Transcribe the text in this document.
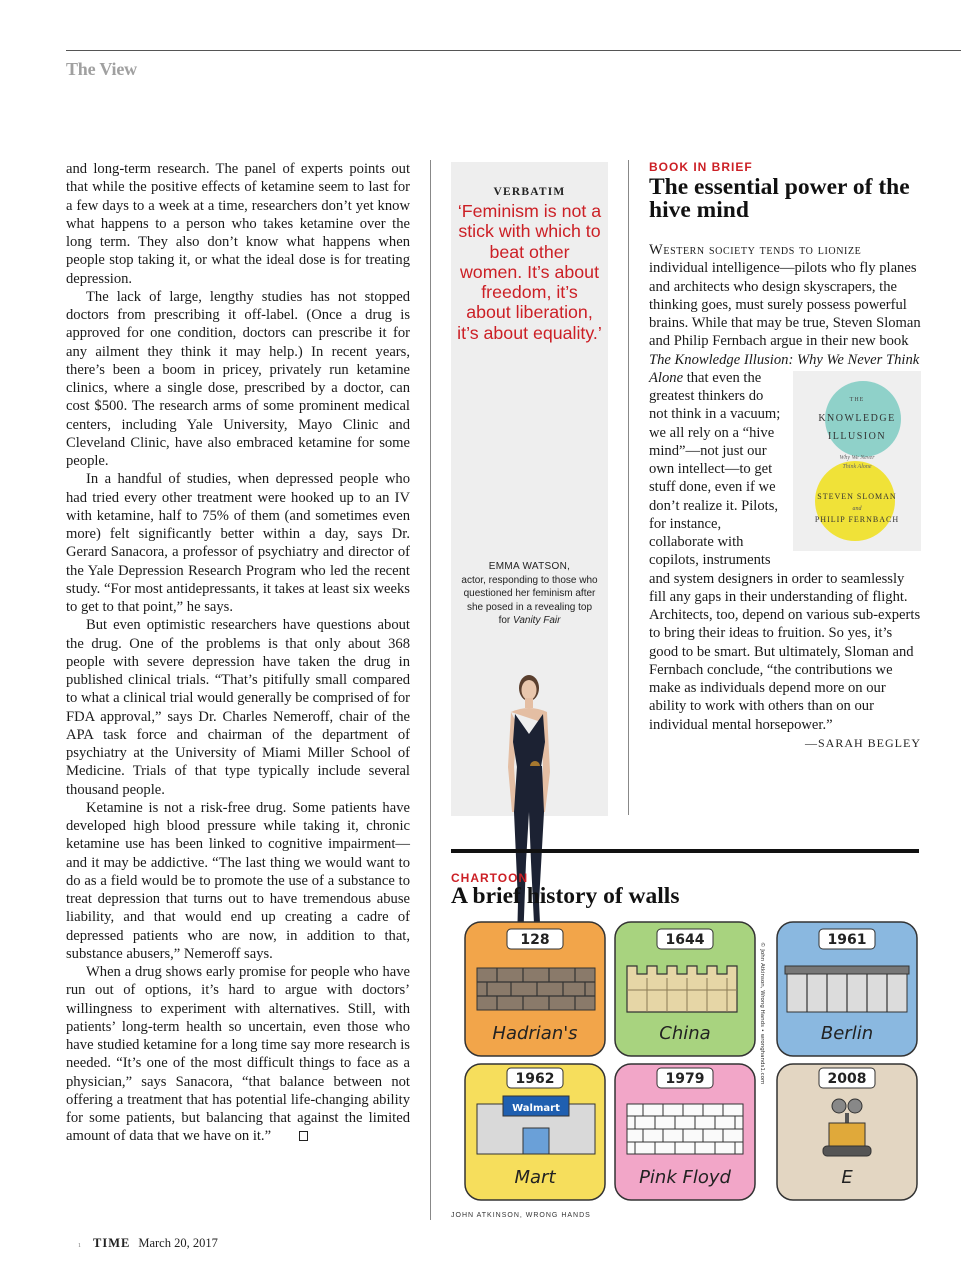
The View

and long-term research. The panel of experts points out that while the positive effects of ketamine seem to last for a few days to a week at a time, researchers don’t yet know what happens to a person who takes ketamine over the long term. They also don’t know what happens when people stop taking it, or what the ideal dose is for treating depression.

The lack of large, lengthy studies has not stopped doctors from prescribing it off-label. (Once a drug is approved for one condition, doctors can prescribe it for any ailment they think it may help.) In recent years, there’s been a boom in pricey, privately run ketamine clinics, where a single dose, prescribed by a doctor, can cost $500. The research arms of some prominent medical centers, including Yale University, Mayo Clinic and Cleveland Clinic, have also embraced ketamine for some people.

In a handful of studies, when depressed people who had tried every other treatment were hooked up to an IV with ketamine, half to 75% of them (and sometimes even more) felt significantly better within a day, says Dr. Gerard Sanacora, a professor of psychiatry and director of the Yale Depression Research Program who led the recent study. “For most antidepressants, it takes at least six weeks to get to that point,” he says.

But even optimistic researchers have questions about the drug. One of the problems is that only about 368 people with severe depression have taken the drug in published clinical trials. “That’s pitifully small compared to what a clinical trial would generally be comprised of for FDA approval,” says Dr. Charles Nemeroff, chair of the APA task force and chairman of the department of psychiatry at the University of Miami Miller School of Medicine. Trials of that type typically include several thousand people.

Ketamine is not a risk-free drug. Some patients have developed high blood pressure while taking it, chronic ketamine use has been linked to cognitive impairment—and it may be addictive. “The last thing we would want to do as a field would be to promote the use of a substance to treat depression that turns out to have tremendous abuse liability, and that would end up creating a cadre of depressed patients who are now, in addition to that, substance abusers,” Nemeroff says.

When a drug shows early promise for people who have run out of options, it’s hard to argue with doctors’ willingness to experiment with alternatives. Still, with patients’ long-term health so uncertain, even those who have studied ketamine for a long time say more research is needed. “It’s one of the most difficult things to face as a physician,” says Sanacora, “that balance between not offering a treatment that has potential life-changing ability for some patients, but balancing that against the limited amount of data that we have on it.”

VERBATIM
‘Feminism is not a stick with which to beat other women. It’s about freedom, it’s about liberation, it’s about equality.’
EMMA WATSON,
actor, responding to those who questioned her feminism after she posed in a revealing top for Vanity Fair
BOOK IN BRIEF
The essential power of the hive mind
Western society tends to lionize individual intelligence—pilots who fly planes and architects who design skyscrapers, the thinking goes, must surely possess powerful brains. While that may be true, Steven Sloman and Philip Fernbach argue in their new book The Knowledge Illusion: Why We Never Think Alone
THE
KNOWLEDGE
ILLUSION
Why We Never
Think Alone
STEVEN SLOMAN
and
PHILIP FERNBACH
that even the greatest thinkers do not think in a vacuum; we all rely on a “hive mind”—not just our own intellect—to get stuff done, even if we don’t realize it. Pilots, for instance, collaborate with copilots, instruments and system designers in order to seamlessly fill any gaps in their understanding of flight. Architects, too, depend on various sub-experts to bring their ideas to fruition. So yes, it’s good to be smart. But ultimately, Sloman and Fernbach conclude, “the contributions we make as individuals depend more on our ability to work with others than on our individual mental horsepower.”
—SARAH BEGLEY
CHARTOON
A brief history of walls
128
Hadrian's
1644
China
1961
Berlin
1962
Walmart
Mart
1979
Pink Floyd
2008
E
© John Atkinson, Wrong Hands • wronghands1.com
JOHN ATKINSON, WRONG HANDS
1 TIME March 20, 2017
